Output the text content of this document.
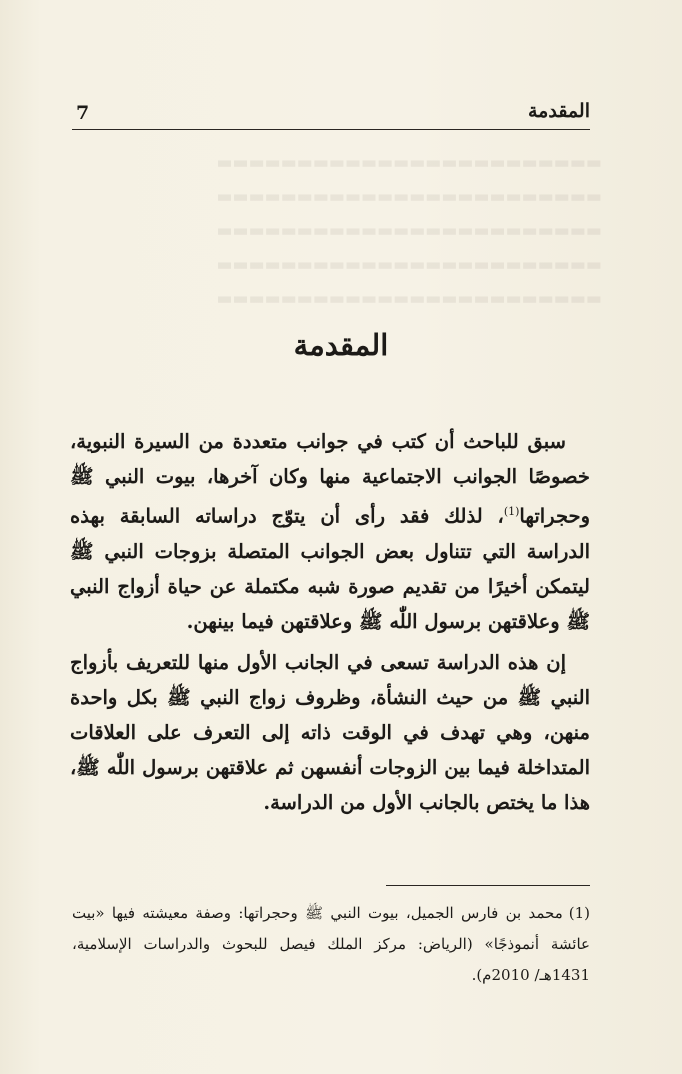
▬▬▬▬▬▬▬▬▬▬▬▬▬▬▬▬▬▬▬▬▬▬▬▬
▬▬▬▬▬▬▬▬▬▬▬▬▬▬▬▬▬▬▬▬▬▬▬▬
▬▬▬▬▬▬▬▬▬▬▬▬▬▬▬▬▬▬▬▬▬▬▬▬
▬▬▬▬▬▬▬▬▬▬▬▬▬▬▬▬▬▬▬▬▬▬▬▬
▬▬▬▬▬▬▬▬▬▬▬▬▬▬▬▬▬▬▬▬▬▬▬▬
7	المقدمة
المقدمة

سبق للباحث أن كتب في جوانب متعددة من السيرة النبوية، خصوصًا الجوانب الاجتماعية منها وكان آخرها، بيوت النبي ﷺ وحجراتها$^{(1)}$، لذلك فقد رأى أن يتوّج دراساته السابقة بهذه الدراسة التي تتناول بعض الجوانب المتصلة بزوجات النبي ﷺ ليتمكن أخيرًا من تقديم صورة شبه مكتملة عن حياة أزواج النبي ﷺ وعلاقتهن برسول اللّٰه ﷺ وعلاقتهن فيما بينهن.

إن هذه الدراسة تسعى في الجانب الأول منها للتعريف بأزواج النبي ﷺ من حيث النشأة، وظروف زواج النبي ﷺ بكل واحدة منهن، وهي تهدف في الوقت ذاته إلى التعرف على العلاقات المتداخلة فيما بين الزوجات أنفسهن ثم علاقتهن برسول اللّٰه ﷺ، هذا ما يختص بالجانب الأول من الدراسة.

(1)محمد بن فارس الجميل، بيوت النبي ﷺ وحجراتها: وصفة معيشته فيها «بيت عائشة أنموذجًا» (الرياض: مركز الملك فيصل للبحوث والدراسات الإسلامية، 1431هـ/ 2010م).
